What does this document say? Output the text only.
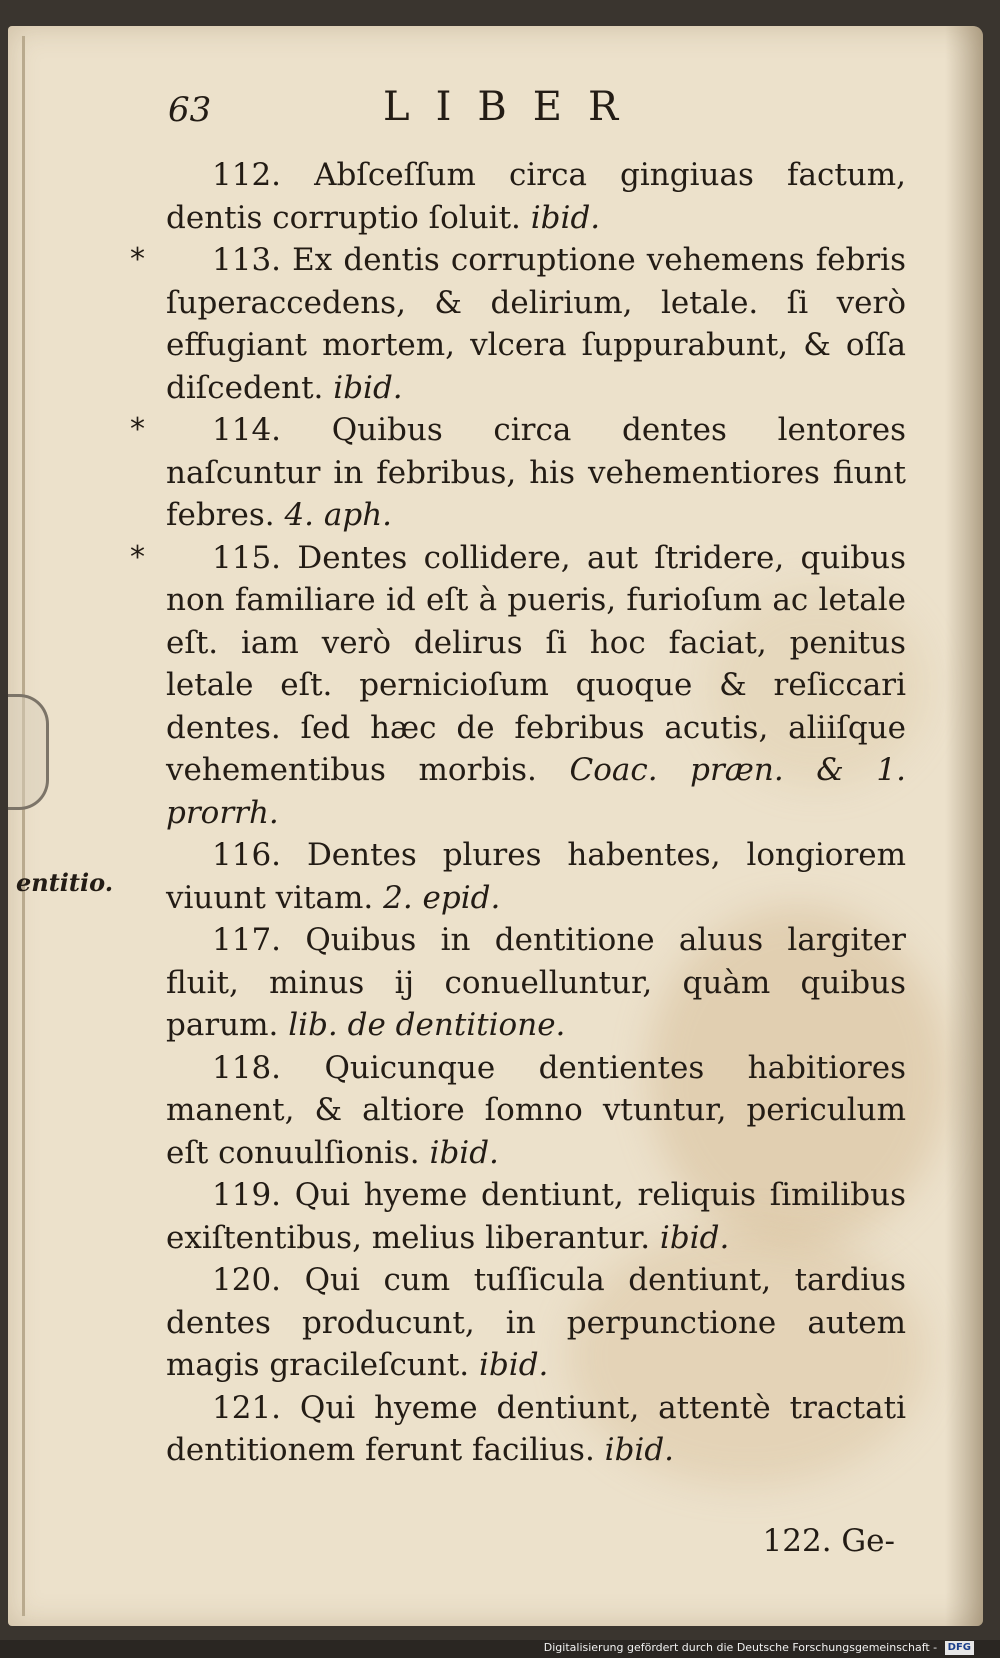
63	LIBER
entitio.
112. Abſceſſum circa gingiuas factum, dentis corruptio ſoluit. ibid.
* 113. Ex dentis corruptione vehemens febris ſuperaccedens, & delirium, letale. ſi verò effugiant mortem, vlcera ſuppurabunt, & oſſa diſcedent. ibid.
* 114. Quibus circa dentes lentores naſcuntur in febribus, his vehementiores fiunt febres. 4. aph.
* 115. Dentes collidere, aut ſtridere, quibus non familiare id eſt à pueris, furioſum ac letale eſt. iam verò delirus ſi hoc faciat, penitus letale eſt. pernicioſum quoque & reſiccari dentes. ſed hæc de febribus acutis, aliiſque vehementibus morbis. Coac. præn. & 1. prorrh.
116. Dentes plures habentes, longiorem viuunt vitam. 2. epid.
117. Quibus in dentitione aluus largiter fluit, minus ij conuelluntur, quàm quibus parum. lib. de dentitione.
118. Quicunque dentientes habitiores manent, & altiore ſomno vtuntur, periculum eſt conuulſionis. ibid.
119. Qui hyeme dentiunt, reliquis ſimilibus exiſtentibus, melius liberantur. ibid.
120. Qui cum tuſſicula dentiunt, tardius dentes producunt, in perpunctione autem magis gracileſcunt. ibid.
121. Qui hyeme dentiunt, attentè tractati dentitionem ferunt facilius. ibid.
122. Ge-
Digitalisierung gefördert durch die Deutsche Forschungsgemeinschaft - DFG
